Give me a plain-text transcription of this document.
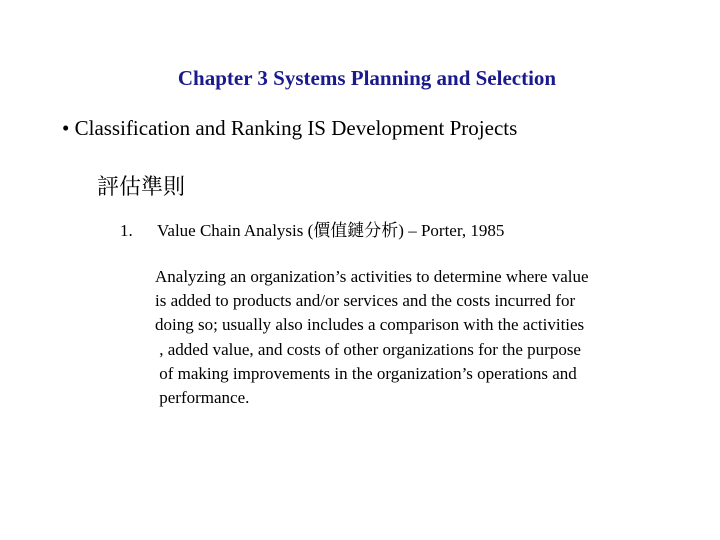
Chapter 3 Systems Planning and Selection
• Classification and Ranking IS Development Projects
評估準則
1. Value Chain Analysis (價值鏈分析) – Porter, 1985
Analyzing an organization’s activities to determine where value
is added to products and/or services and the costs incurred for
doing so; usually also includes a comparison with the activities
, added value, and costs of other organizations for the purpose
of making improvements in the organization’s operations and
performance.
